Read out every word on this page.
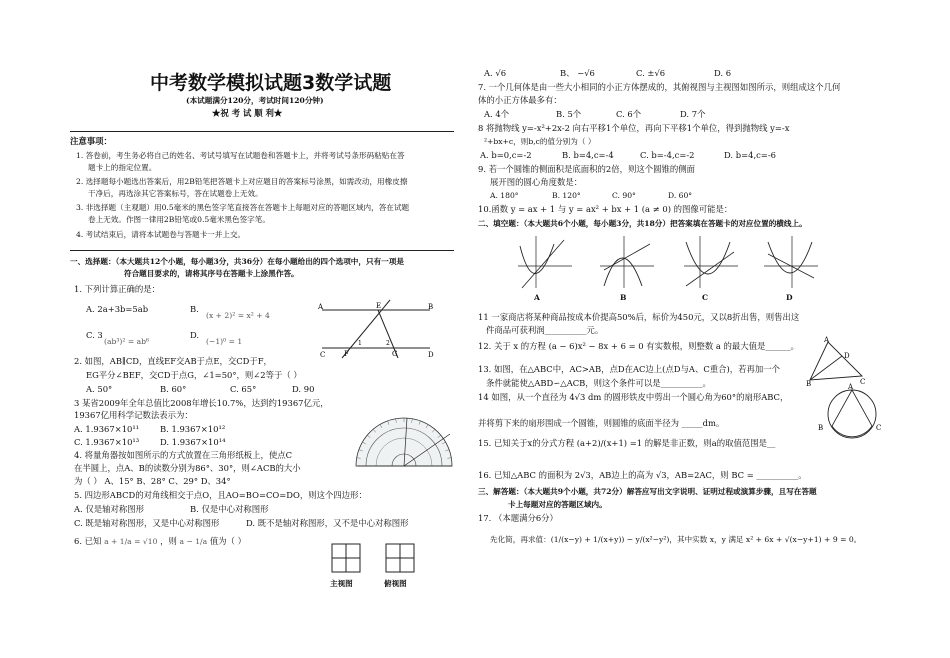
中考数学模拟试题3数学试题
(本试题满分120分，考试时间120分钟)
★祝 考 试 顺 利★
注意事项：
1. 答卷前，考生务必将自己的姓名、考试号填写在试题卷和答题卡上，并将考试号条形码粘贴在答
题卡上的指定位置。
2. 选择题每小题选出答案后，用2B铅笔把答题卡上对应题目的答案标号涂黑，如需改动，用橡皮擦
干净后，再选涂其它答案标号，答在试题卷上无效。
3. 非选择题（主观题）用0.5毫米的黑色签字笔直接答在答题卡上每题对应的答题区域内，答在试题
卷上无效。作图一律用2B铅笔或0.5毫米黑色签字笔。
4. 考试结束后，请将本试题卷与答题卡一并上交。
一、选择题：（本大题共12个小题，每小题3分，共36分）在每小题给出的四个选项中，只有一项是
符合题目要求的，请将其序号在答题卡上涂黑作答。
1. 下列计算正确的是：
A. 2a+3b=5ab	B.
(x + 2)² = x² + 4
C. 3
(ab³)² = ab⁶
D.
(−1)⁰ = 1
A	E	B
C	F	G	D
1	2
2. 如图，AB∥CD，直线EF交AB于点E，交CD于F，
EG平分∠BEF，交CD于点G，∠1=50°，则∠2等于（ ）
A. 50°	B. 60°	C. 65°	D. 90
3 某省2009年全年总值比2008年增长10.7%，达到约19367亿元，
19367亿用科学记数法表示为：
A. 1.9367×10¹¹ B. 1.9367×10¹²
C. 1.9367×10¹³ D. 1.9367×10¹⁴
4. 将量角器按如图所示的方式放置在三角形纸板上，使点C
在半圆上，点A、B的读数分别为86°、30°，则∠ACB的大小
为（ ） A、15° B、28° C、29° D、34°
5. 四边形ABCD的对角线相交于点O，且AO=BO=CO=DO，则这个四边形：
A. 仅是轴对称图形	B. 仅是中心对称图形
C. 既是轴对称图形，又是中心对称图形	D. 既不是轴对称图形，又不是中心对称图形
6. 已知 a + 1/a = √10 ，则 a − 1/a 值为（ ）
主视图	俯视图
A. √6	B、 −√6	C. ±√6	D. 6
7. 一个几何体是由一些大小相同的小正方体摆成的，其俯视图与主视图如图所示，则组成这个几何
体的小正方体最多有：
A. 4个	B. 5个	C. 6个	D. 7个
8 将抛物线 y=-x²+2x-2 向右平移1个单位，再向下平移1个单位，得到抛物线 y=-x
²+bx+c，则b,c的值分别为（ ）
A. b=0,c=-2	B. b=4,c=-4	C. b=-4,c=-2	D. b=4,c=-6
9. 若一个圆锥的侧面积是底面积的2倍，则这个圆锥的侧面
展开图的圆心角度数是：
A. 180°	B. 120°	C. 90°	D. 60°
10.函数 y = ax + 1 与 y = ax² + bx + 1 (a ≠ 0) 的图像可能是：
二、填空题：（本大题共6个小题，每小题3分，共18分）把答案填在答题卡的对应位置的横线上。
A	B	C	D
11 一家商店将某种商品按成本价提高50%后，标价为450元，又以8折出售，则售出这
件商品可获利润__________元。
12. 关于 x 的方程 (a − 6)x² − 8x + 6 = 0 有实数根，则整数 a 的最大值是______。
13. 如图，在△ABC中，AC>AB，点D在AC边上(点D与A、C重合)，若再加一个
条件就能使△ABD∽△ACB，则这个条件可以是__________。
A
B	C
D
14 如图，从一个直径为 4√3 dm 的圆形铁皮中剪出一个圆心角为60°的扇形ABC，
并将剪下来的扇形围成一个圆锥，则圆锥的底面半径为 _____dm。
A
B	C
15. 已知关于x的分式方程 (a+2)/(x+1) =1 的解是非正数，则a的取值范围是__
16. 已知△ABC 的面积为 2√3，AB边上的高为 √3，AB=2AC，则 BC = __________。
三、解答题：（本大题共9个小题，共72分）解答应写出文字说明、证明过程或演算步骤，且写在答题
卡上每题对应的答题区域内。
17. （本题满分6分）
先化简，再求值：(1/(x−y) + 1/(x+y)) − y/(x²−y²)，其中实数 x，y 满足 x² + 6x + √(x−y+1) + 9 = 0。
